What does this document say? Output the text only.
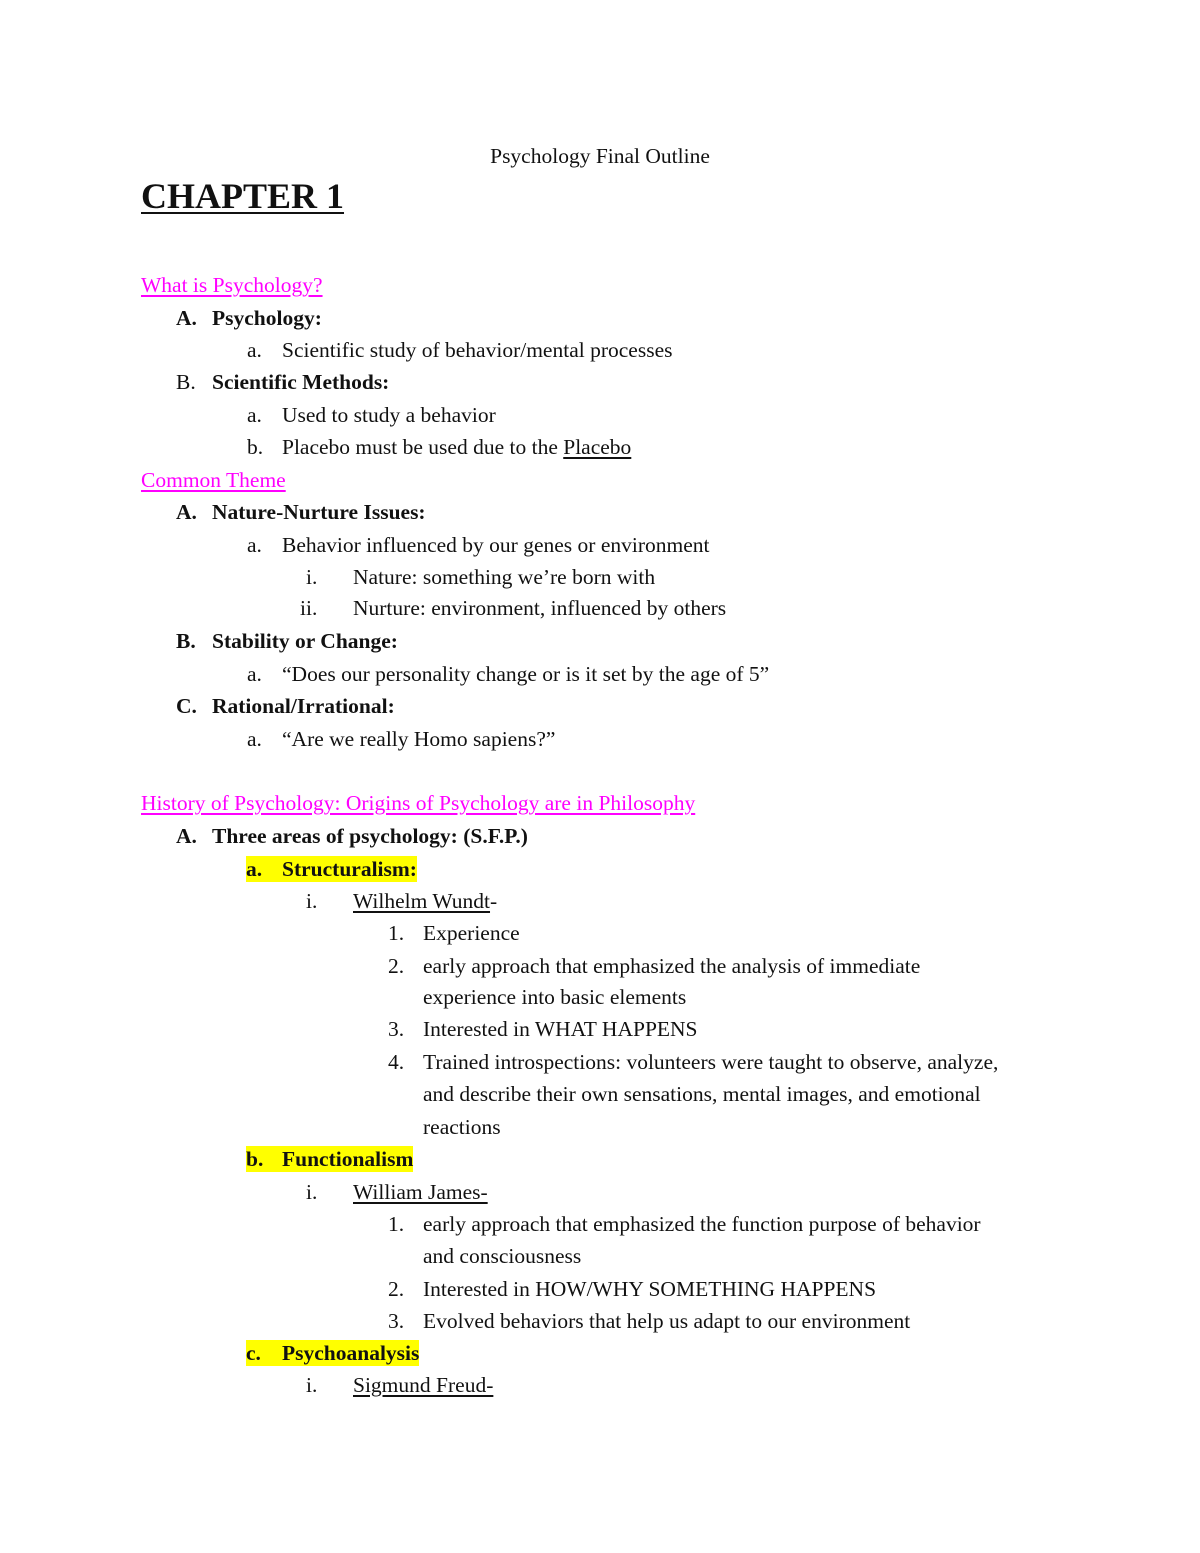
Psychology Final Outline
CHAPTER 1
What is Psychology?
A. Psychology:
a. Scientific study of behavior/mental processes
B. Scientific Methods:
a. Used to study a behavior
b. Placebo must be used due to the Placebo
Common Theme
A. Nature-Nurture Issues:
a. Behavior influenced by our genes or environment
i. Nature: something we’re born with
ii. Nurture: environment, influenced by others
B. Stability or Change:
a. “Does our personality change or is it set by the age of 5”
C. Rational/Irrational:
a. “Are we really Homo sapiens?”
History of Psychology: Origins of Psychology are in Philosophy
A. Three areas of psychology: (S.F.P.)
a. Structuralism:
i. Wilhelm Wundt-
1. Experience
2. early approach that emphasized the analysis of immediate
experience into basic elements
3. Interested in WHAT HAPPENS
4. Trained introspections: volunteers were taught to observe, analyze,
and describe their own sensations, mental images, and emotional
reactions
b. Functionalism
i. William James-
1. early approach that emphasized the function purpose of behavior
and consciousness
2. Interested in HOW/WHY SOMETHING HAPPENS
3. Evolved behaviors that help us adapt to our environment
c. Psychoanalysis
i. Sigmund Freud-
